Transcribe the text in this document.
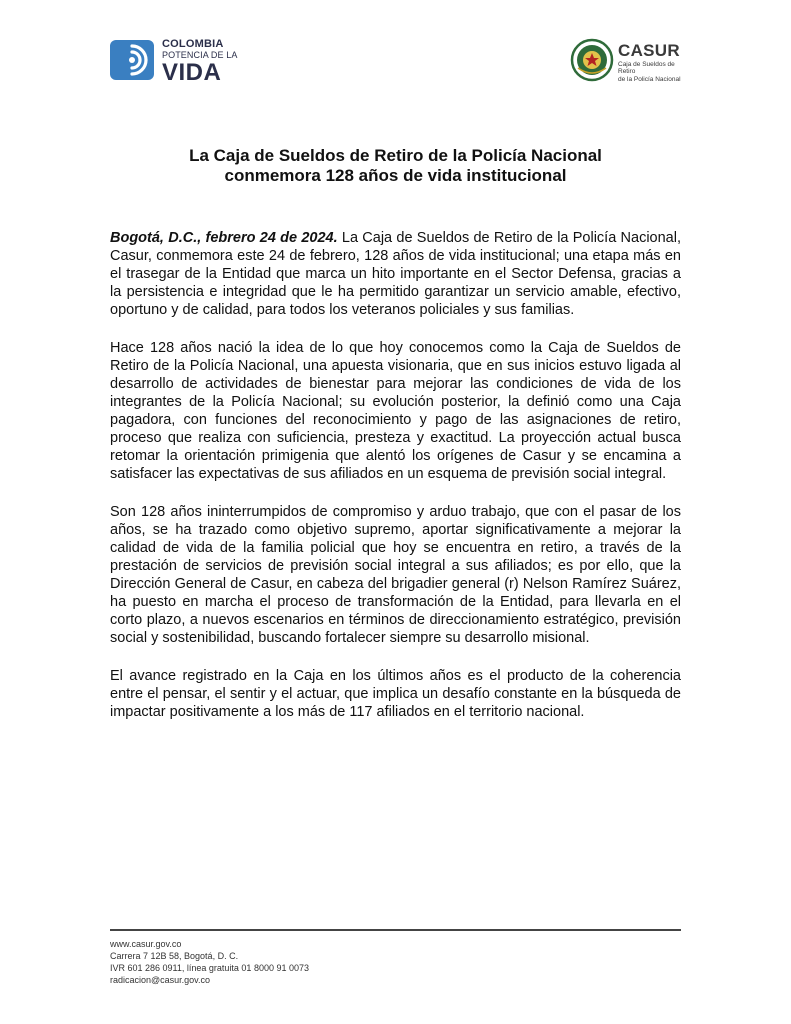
COLOMBIA
POTENCIA DE LA
VIDA
CASUR
Caja de Sueldos de Retiro
de la Policía Nacional
La Caja de Sueldos de Retiro de la Policía Nacional
conmemora 128 años de vida institucional

Bogotá, D.C., febrero 24 de 2024. La Caja de Sueldos de Retiro de la Policía Nacional, Casur, conmemora este 24 de febrero, 128 años de vida institucional; una etapa más en el trasegar de la Entidad que marca un hito importante en el Sector Defensa, gracias a la persistencia e integridad que le ha permitido garantizar un servicio amable, efectivo, oportuno y de calidad, para todos los veteranos policiales y sus familias.

Hace 128 años nació la idea de lo que hoy conocemos como la Caja de Sueldos de Retiro de la Policía Nacional, una apuesta visionaria, que en sus inicios estuvo ligada al desarrollo de actividades de bienestar para mejorar las condiciones de vida de los integrantes de la Policía Nacional; su evolución posterior, la definió como una Caja pagadora, con funciones del reconocimiento y pago de las asignaciones de retiro, proceso que realiza con suficiencia, presteza y exactitud. La proyección actual busca retomar la orientación primigenia que alentó los orígenes de Casur y se encamina a satisfacer las expectativas de sus afiliados en un esquema de previsión social integral.

Son 128 años ininterrumpidos de compromiso y arduo trabajo, que con el pasar de los años, se ha trazado como objetivo supremo, aportar significativamente a mejorar la calidad de vida de la familia policial que hoy se encuentra en retiro, a través de la prestación de servicios de previsión social integral a sus afiliados; es por ello, que la Dirección General de Casur, en cabeza del brigadier general (r) Nelson Ramírez Suárez, ha puesto en marcha el proceso de transformación de la Entidad, para llevarla en el corto plazo, a nuevos escenarios en términos de direccionamiento estratégico, previsión social y sostenibilidad, buscando fortalecer siempre su desarrollo misional.

El avance registrado en la Caja en los últimos años es el producto de la coherencia entre el pensar, el sentir y el actuar, que implica un desafío constante en la búsqueda de impactar positivamente a los más de 117 afiliados en el territorio nacional.

www.casur.gov.co
Carrera 7 12B 58, Bogotá, D. C.
IVR 601 286 0911, línea gratuita 01 8000 91 0073
radicacion@casur.gov.co
